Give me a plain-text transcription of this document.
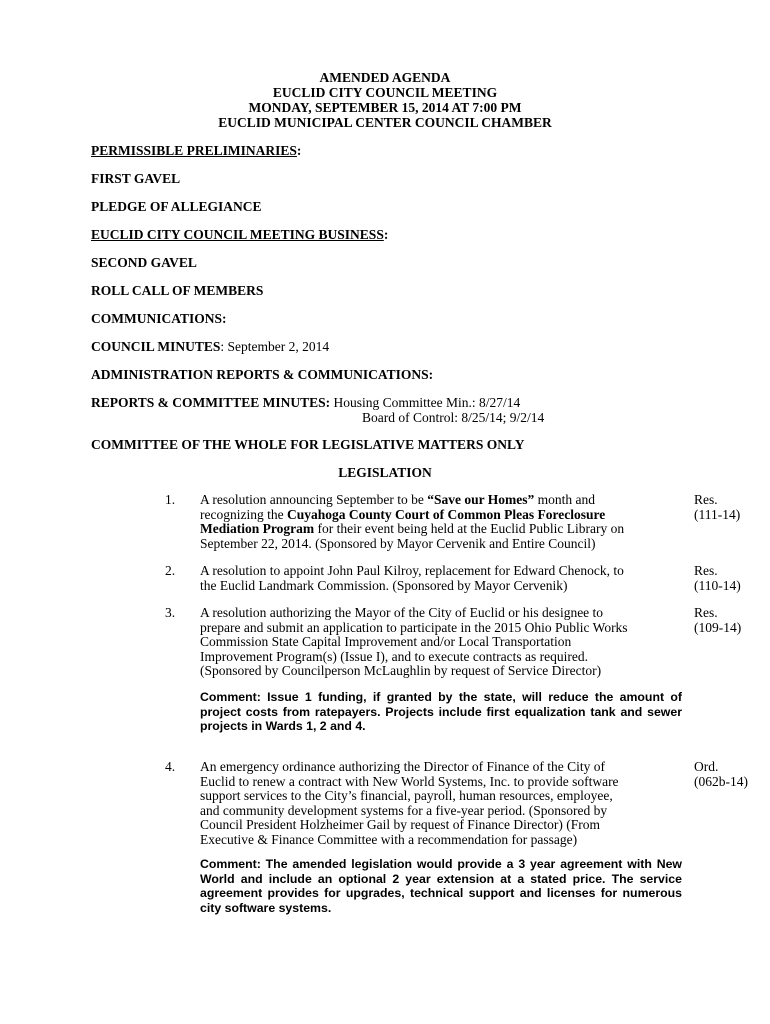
AMENDED AGENDA
EUCLID CITY COUNCIL MEETING
MONDAY, SEPTEMBER 15, 2014 AT 7:00 PM
EUCLID MUNICIPAL CENTER COUNCIL CHAMBER
PERMISSIBLE PRELIMINARIES:
FIRST GAVEL
PLEDGE OF ALLEGIANCE
EUCLID CITY COUNCIL MEETING BUSINESS:
SECOND GAVEL
ROLL CALL OF MEMBERS
COMMUNICATIONS:
COUNCIL MINUTES: September 2, 2014
ADMINISTRATION REPORTS & COMMUNICATIONS:
REPORTS & COMMITTEE MINUTES: Housing Committee Min.: 8/27/14
Board of Control: 8/25/14; 9/2/14
COMMITTEE OF THE WHOLE FOR LEGISLATIVE MATTERS ONLY
LEGISLATION
1.	A resolution announcing September to be “Save our Homes” month and
recognizing the Cuyahoga County Court of Common Pleas Foreclosure
Mediation Program for their event being held at the Euclid Public Library on
September 22, 2014. (Sponsored by Mayor Cervenik and Entire Council)
Res.
(111-14)
2.	A resolution to appoint John Paul Kilroy, replacement for Edward Chenock, to
the Euclid Landmark Commission. (Sponsored by Mayor Cervenik)
Res.
(110-14)
3.	A resolution authorizing the Mayor of the City of Euclid or his designee to
prepare and submit an application to participate in the 2015 Ohio Public Works
Commission State Capital Improvement and/or Local Transportation
Improvement Program(s) (Issue I), and to execute contracts as required.
(Sponsored by Councilperson McLaughlin by request of Service Director)
Res.
(109-14)
Comment: Issue 1 funding, if granted by the state, will reduce the amount of project costs from ratepayers. Projects include first equalization tank and sewer projects in Wards 1, 2 and 4.
4.	An emergency ordinance authorizing the Director of Finance of the City of
Euclid to renew a contract with New World Systems, Inc. to provide software
support services to the City’s financial, payroll, human resources, employee,
and community development systems for a five-year period. (Sponsored by
Council President Holzheimer Gail by request of Finance Director) (From
Executive & Finance Committee with a recommendation for passage)
Ord.
(062b-14)
Comment: The amended legislation would provide a 3 year agreement with New World and include an optional 2 year extension at a stated price. The service agreement provides for upgrades, technical support and licenses for numerous city software systems.
